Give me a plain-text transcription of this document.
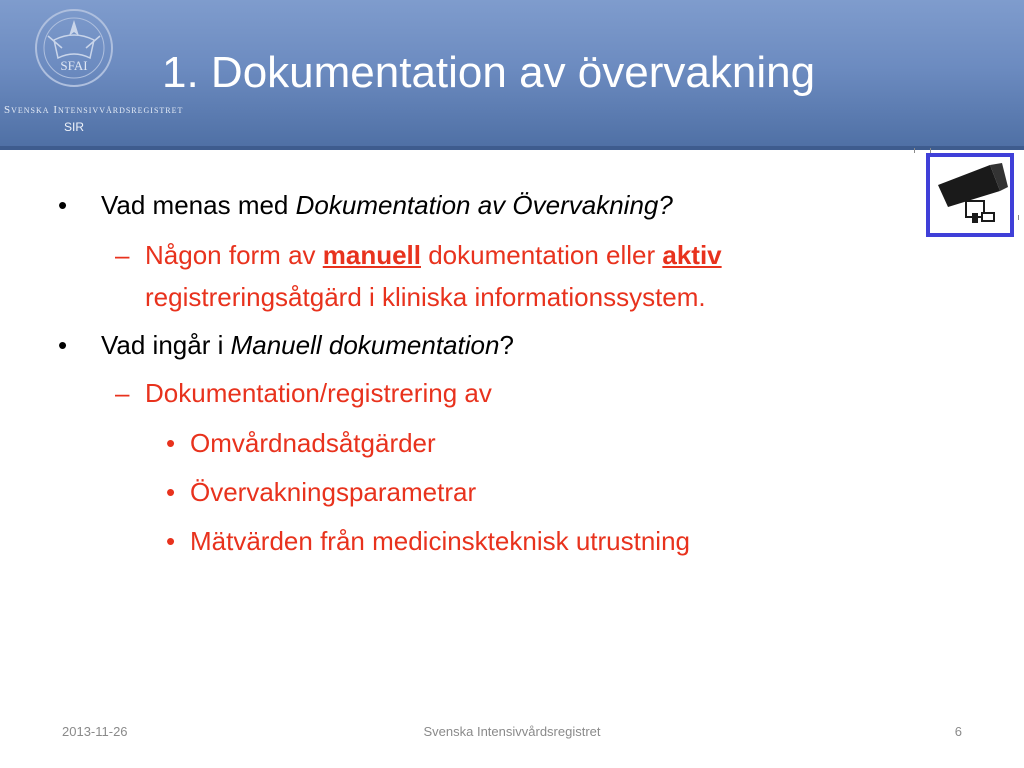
SFAI
Svenska Intensivvårdsregistret
SIR
1. Dokumentation av övervakning
• Vad menas med Dokumentation av Övervakning?
– Någon form av manuell dokumentation eller aktiv
registreringsåtgärd i kliniska informationssystem.
• Vad ingår i Manuell dokumentation?
– Dokumentation/registrering av
• Omvårdnadsåtgärder
• Övervakningsparametrar
• Mätvärden från medicinskteknisk utrustning
2013-11-26	Svenska Intensivvårdsregistret	6
